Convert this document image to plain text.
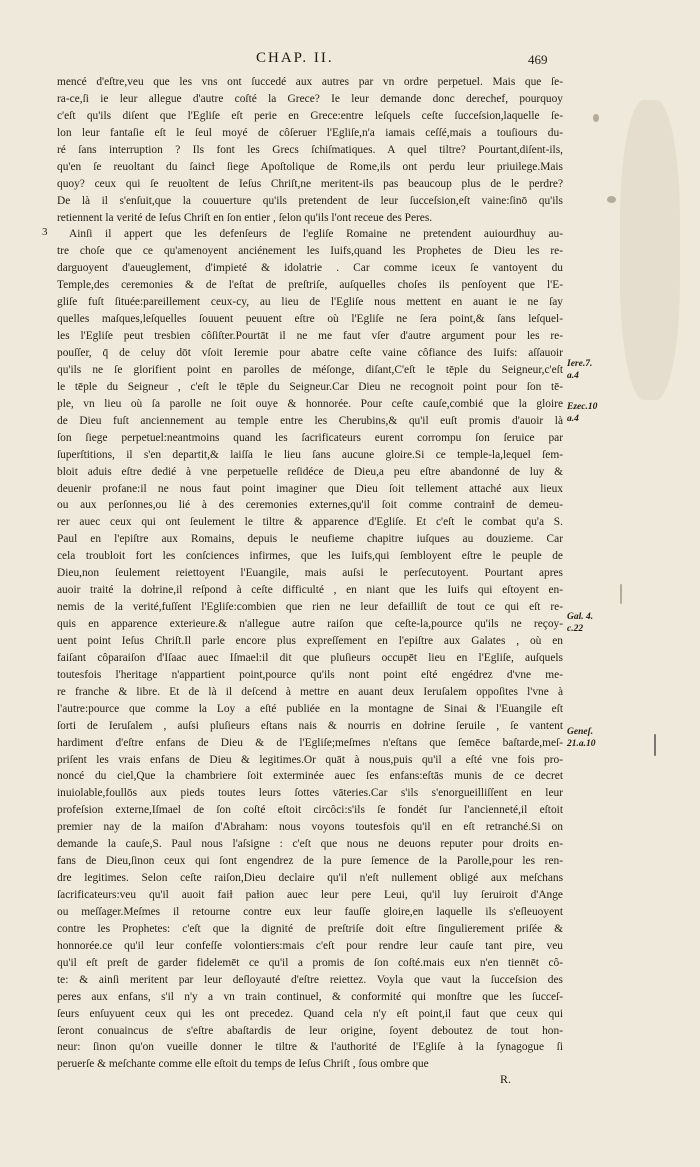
CHAP. II.	469
3
mencé d'eſtre,veu que les vns ont ſuccedé aux autres par vn ordre perpetuel. Mais que ſe-
ra-ce,ſi ie leur allegue d'autre coſté la Grece? Ie leur demande donc derechef, pourquoy
c'eſt qu'ils diſent que l'Egliſe eſt perie en Grece:entre leſquels ceſte ſucceſsion,laquelle ſe-
lon leur fantaſie eſt le ſeul moyé de côſeruer l'Egliſe,n'a iamais ceſſé,mais a touſiours du-
ré ſans interruption ? Ils font les Grecs ſchiſmatiques. A quel tiltre? Pourtant,diſent-ils,
qu'en ſe reuoltant du ſaincƚ ſiege Apoſtolique de Rome,ils ont perdu leur priuilege.Mais
quoy? ceux qui ſe reuoltent de Ieſus Chriſt,ne meritent-ils pas beaucoup plus de le perdre?
De là il s'enſuit,que la couuerture qu'ils pretendent de leur ſucceſsion,eſt vaine:ſinō qu'ils
retiennent la verité de Ieſus Chriſt en ſon entier , ſelon qu'ils l'ont receue des Peres.
Ainſi il appert que les defenſeurs de l'egliſe Romaine ne pretendent auiourdhuy au-
tre choſe que ce qu'amenoyent anciénement les Iuifs,quand les Prophetes de Dieu les re-
darguoyent d'aueuglement, d'impieté & idolatrie . Car comme iceux ſe vantoyent du
Temple,des ceremonies & de l'eſtat de preſtriſe, auſquelles choſes ils penſoyent que l'E-
gliſe fuſt ſituée:pareillement ceux-cy, au lieu de l'Egliſe nous mettent en auant ie ne ſay
quelles maſques,leſquelles ſouuent peuuent eſtre où l'Egliſe ne ſera point,& ſans leſquel-
les l'Egliſe peut tresbien côſiſter.Pourtāt il ne me faut vſer d'autre argument pour les re-
pouſſer, q̄ de celuy dōt vſoit Ieremie pour abatre ceſte vaine côfiance des Iuifs: aſſauoir
qu'ils ne ſe glorifient point en parolles de méſonge, diſant,C'eſt le tēple du Seigneur,c'eſt
le tēple du Seigneur , c'eſt le tēple du Seigneur.Car Dieu ne recognoit point pour ſon tē-
ple, vn lieu où ſa parolle ne ſoit ouye & honnorée. Pour ceſte cauſe,combié que la gloire
de Dieu fuſt anciennement au temple entre les Cherubins,& qu'il euſt promis d'auoir là
ſon ſiege perpetuel:neantmoins quand les ſacrificateurs eurent corrompu ſon ſeruice par
ſuperſtitions, il s'en departit,& laiſſa le lieu ſans aucune gloire.Si ce temple-la,lequel ſem-
bloit aduis eſtre dedié à vne perpetuelle reſidéce de Dieu,a peu eſtre abandonné de luy &
deuenir profane:il ne nous faut point imaginer que Dieu ſoit tellement attaché aux lieux
ou aux perſonnes,ou lié à des ceremonies externes,qu'il ſoit comme contrainƚ de demeu-
rer auec ceux qui ont ſeulement le tiltre & apparence d'Egliſe. Et c'eſt le combat qu'a S.
Paul en l'epiſtre aux Romains, depuis le neufieme chapitre iuſques au douzieme. Car
cela troubloit fort les conſciences infirmes, que les Iuifs,qui ſembloyent eſtre le peuple de
Dieu,non ſeulement reiettoyent l'Euangile, mais auſsi le perſecutoyent. Pourtant apres
auoir traité la doƚrine,il reſpond à ceſte difficulté , en niant que les Iuifs qui eſtoyent en-
nemis de la verité,fuſſent l'Egliſe:combien que rien ne leur defailliſt de tout ce qui eſt re-
quis en apparence exterieure.& n'allegue autre raiſon que ceſte-la,pource qu'ils ne reçoy-
uent point Ieſus Chriſt.Il parle encore plus expreſſement en l'epiſtre aux Galates , où en
faiſant côparaiſon d'Iſaac auec Iſmael:il dit que pluſieurs occupēt lieu en l'Egliſe, auſquels
toutesfois l'heritage n'appartient point,pource qu'ils nont point eſté engédrez d'vne me-
re franche & libre. Et de là il deſcend à mettre en auant deux Ieruſalem oppoſites l'vne à
l'autre:pource que comme la Loy a eſté publiée en la montagne de Sinai & l'Euangile eſt
ſorti de Ieruſalem , auſsi pluſieurs eſtans nais & nourris en doƚrine ſeruile , ſe vantent
hardiment d'eſtre enfans de Dieu & de l'Egliſe;meſmes n'eſtans que ſemēce baſtarde,meſ-
priſent les vrais enfans de Dieu & legitimes.Or quāt à nous,puis qu'il a eſté vne fois pro-
noncé du ciel,Que la chambriere ſoit exterminée auec ſes enfans:eſtās munis de ce decret
inuiolable,foullōs aux pieds toutes leurs ſottes vāteries.Car s'ils s'enorgueilliſſent en leur
profeſsion externe,Iſmael de ſon coſté eſtoit circôci:s'ils ſe fondét ſur l'ancienneté,il eſtoit
premier nay de la maiſon d'Abraham: nous voyons toutesfois qu'il en eſt retranché.Si on
demande la cauſe,S. Paul nous l'aſsigne : c'eſt que nous ne deuons reputer pour droits en-
fans de Dieu,ſinon ceux qui ſont engendrez de la pure ſemence de la Parolle,pour les ren-
dre legitimes. Selon ceſte raiſon,Dieu declaire qu'il n'eſt nullement obligé aux meſchans
ſacrificateurs:veu qu'il auoit faiƚ paƚion auec leur pere Leui, qu'il luy ſeruiroit d'Ange
ou meſſager.Meſmes il retourne contre eux leur fauſſe gloire,en laquelle ils s'eſleuoyent
contre les Prophetes: c'eſt que la dignité de preſtriſe doit eſtre ſingulierement priſée &
honnorée.ce qu'il leur confeſſe volontiers:mais c'eſt pour rendre leur cauſe tant pire, veu
qu'il eſt preſt de garder fidelemēt ce qu'il a promis de ſon coſté.mais eux n'en tiennēt cô-
te: & ainſi meritent par leur deſloyauté d'eſtre reiettez. Voyla que vaut la ſucceſsion des
peres aux enfans, s'il n'y a vn train continuel, & conformité qui monſtre que les ſucceſ-
ſeurs enſuyuent ceux qui les ont precedez. Quand cela n'y eſt point,il faut que ceux qui
ſeront conuaincus de s'eſtre abaſtardis de leur origine, ſoyent deboutez de tout hon-
neur: ſinon qu'on vueille donner le tiltre & l'authorité de l'Egliſe à la ſynagogue ſi
peruerſe & meſchante comme elle eſtoit du temps de Ieſus Chriſt , ſous ombre que
Iere.7.
a.4
Ezec.10
a.4
Gal. 4.
c.22
Geneſ.
21.a.10
R.
